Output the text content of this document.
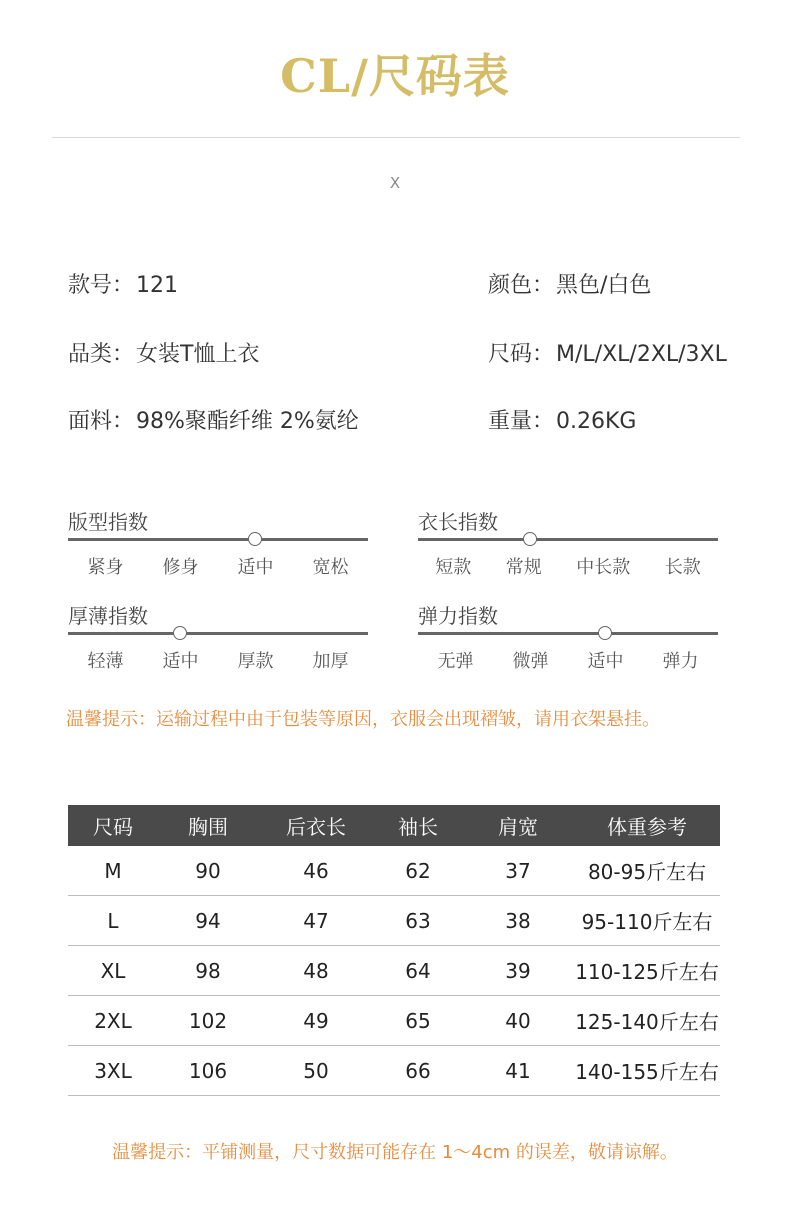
CL/尺码表
X
款号：121	颜色：黑色/白色
品类：女装T恤上衣	尺码：M/L/XL/2XL/3XL
面料：98%聚酯纤维 2%氨纶	重量：0.26KG
版型指数
紧身 修身 适中 宽松
衣长指数
短款 常规 中长款 长款
厚薄指数
轻薄 适中 厚款 加厚
弹力指数
无弹 微弹 适中 弹力
温馨提示：运输过程中由于包装等原因，衣服会出现褶皱，请用衣架悬挂。
尺码	胸围	后衣长	袖长	肩宽	体重参考
M	90	46	62	37	80-95斤左右
L	94	47	63	38	95-110斤左右
XL	98	48	64	39	110-125斤左右
2XL	102	49	65	40	125-140斤左右
3XL	106	50	66	41	140-155斤左右
温馨提示：平铺测量，尺寸数据可能存在 1～4cm 的误差，敬请谅解。
